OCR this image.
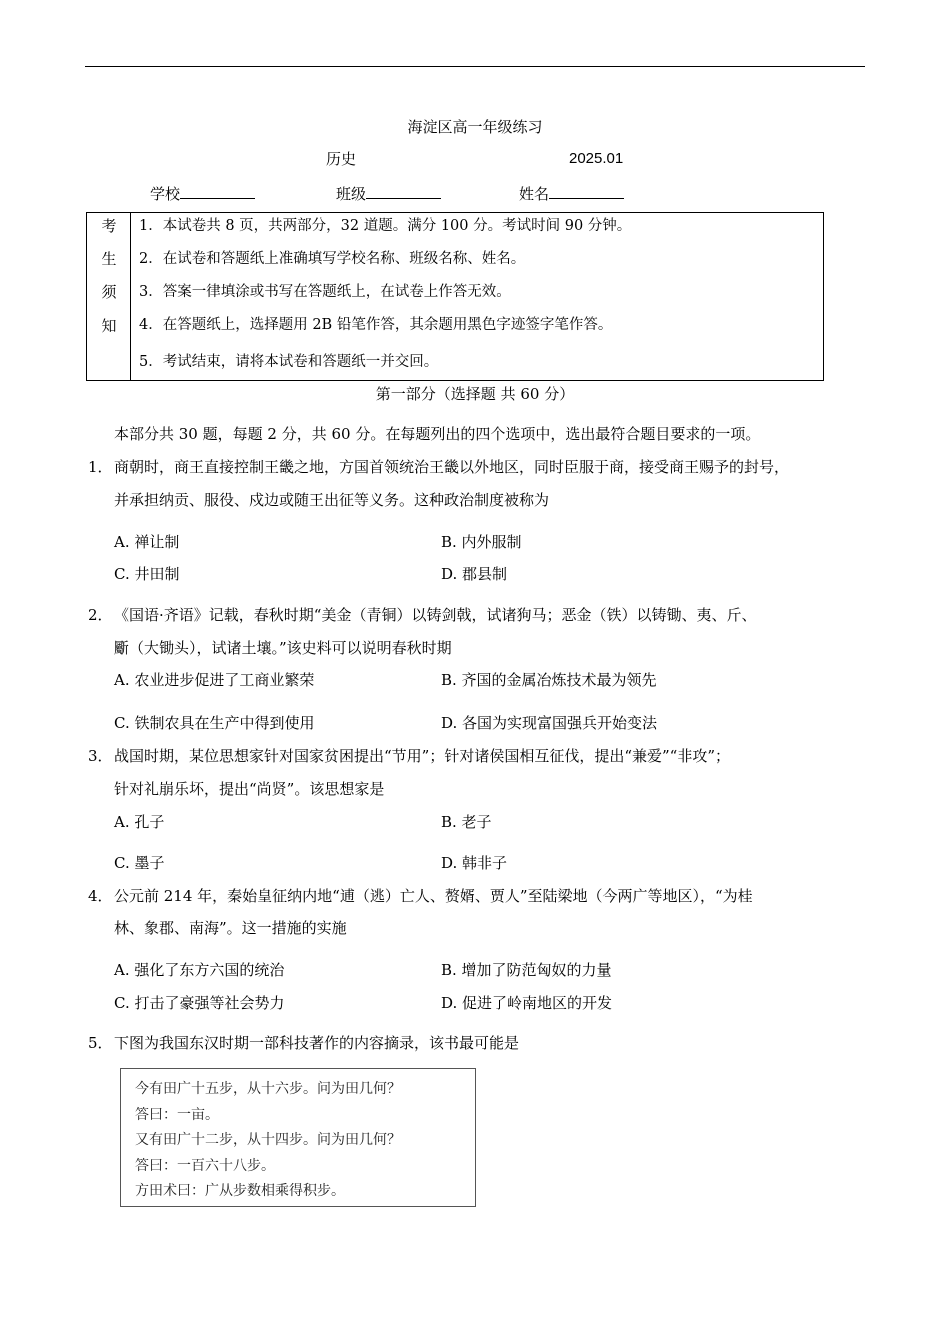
海淀区高一年级练习
历史	2025.01
学校	班级	姓名
考
生
须
知
1．本试卷共 8 页，共两部分，32 道题。满分 100 分。考试时间 90 分钟。
2．在试卷和答题纸上准确填写学校名称、班级名称、姓名。
3．答案一律填涂或书写在答题纸上，在试卷上作答无效。
4．在答题纸上，选择题用 2B 铅笔作答，其余题用黑色字迹签字笔作答。
5．考试结束，请将本试卷和答题纸一并交回。
第一部分（选择题 共 60 分）
本部分共 30 题，每题 2 分，共 60 分。在每题列出的四个选项中，选出最符合题目要求的一项。
1． 商朝时，商王直接控制王畿之地，方国首领统治王畿以外地区，同时臣服于商，接受商王赐予的封号，
并承担纳贡、服役、戍边或随王出征等义务。这种政治制度被称为
A. 禅让制	B. 内外服制
C. 井田制	D. 郡县制
2． 《国语·齐语》记载，春秋时期“美金（青铜）以铸剑戟，试诸狗马；恶金（铁）以铸锄、夷、斤、
斸（大锄头），试诸土壤。”该史料可以说明春秋时期
A. 农业进步促进了工商业繁荣	B. 齐国的金属冶炼技术最为领先
C. 铁制农具在生产中得到使用	D. 各国为实现富国强兵开始变法
3． 战国时期，某位思想家针对国家贫困提出“节用”；针对诸侯国相互征伐，提出“兼爱”“非攻”；
针对礼崩乐坏，提出“尚贤”。该思想家是
A. 孔子	B. 老子
C. 墨子	D. 韩非子
4． 公元前 214 年，秦始皇征纳内地“逋（逃）亡人、赘婿、贾人”至陆梁地（今两广等地区），“为桂
林、象郡、南海”。这一措施的实施
A. 强化了东方六国的统治	B. 增加了防范匈奴的力量
C. 打击了豪强等社会势力	D. 促进了岭南地区的开发
5． 下图为我国东汉时期一部科技著作的内容摘录，该书最可能是
今有田广十五步，从十六步。问为田几何？
答曰：一亩。
又有田广十二步，从十四步。问为田几何？
答曰：一百六十八步。
方田术曰：广从步数相乘得积步。
